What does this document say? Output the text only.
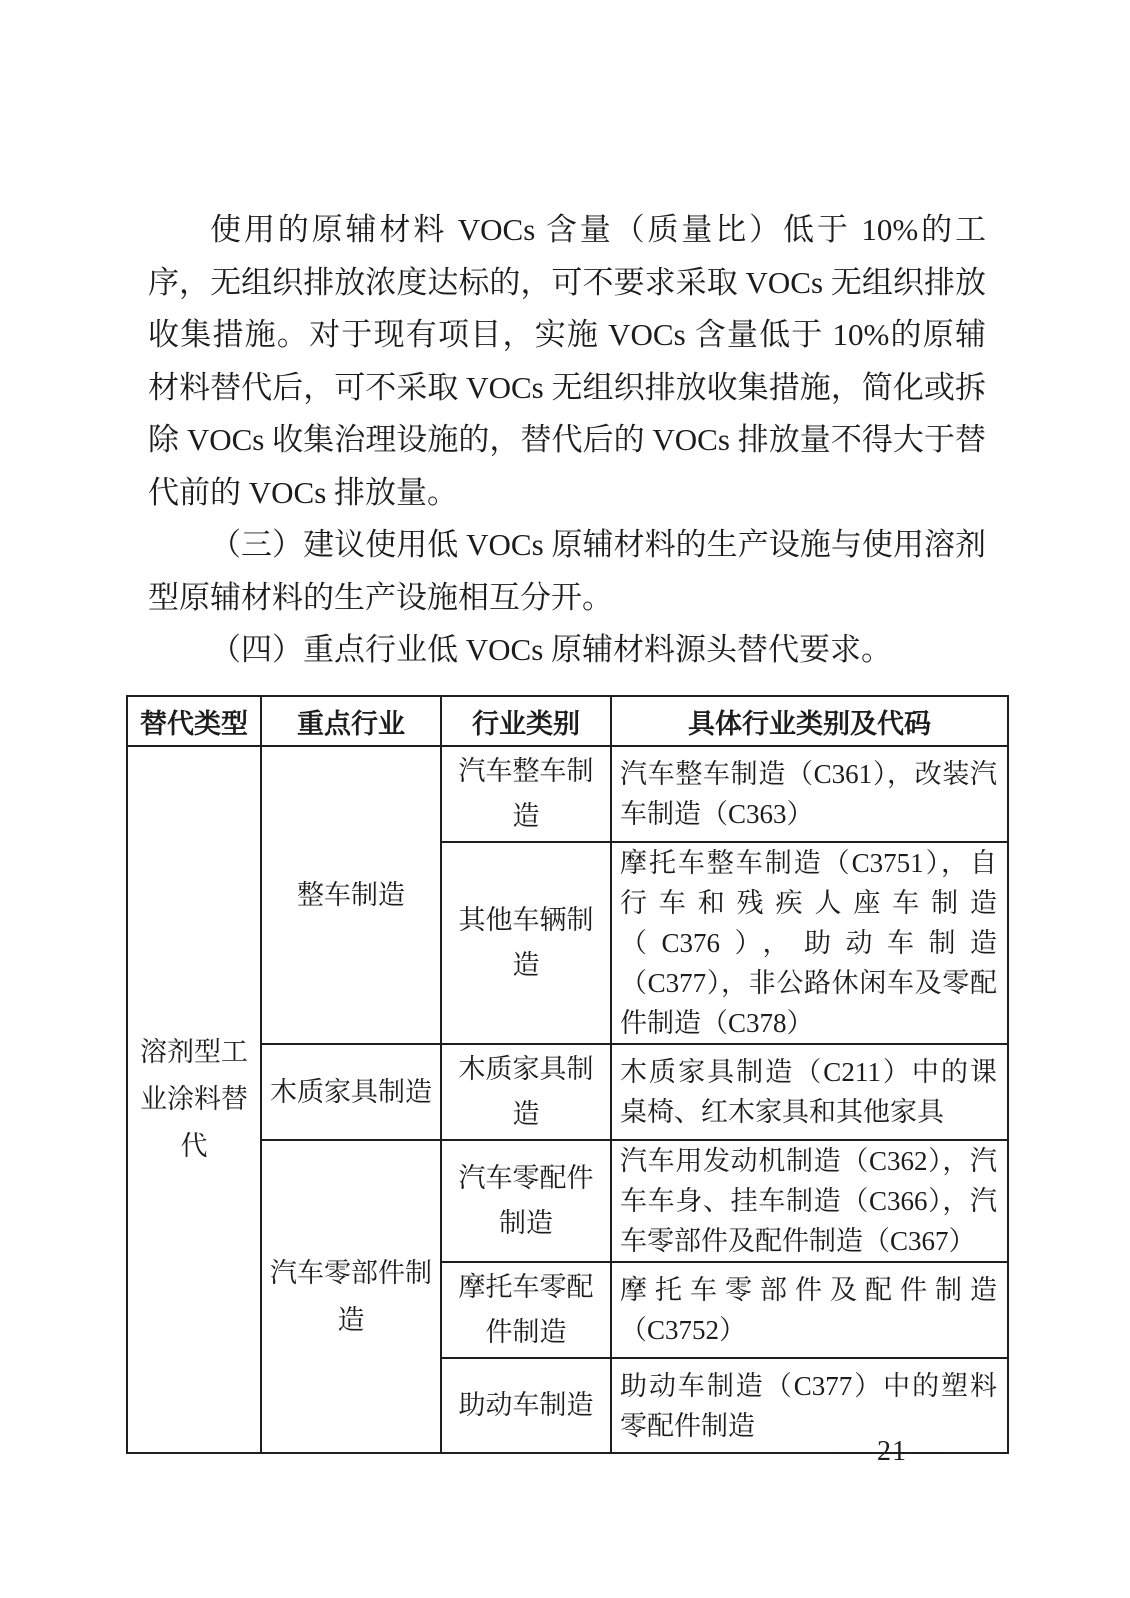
使用的原辅材料 VOCs 含量（质量比）低于 10%的工序，无组织排放浓度达标的，可不要求采取 VOCs 无组织排放收集措施。对于现有项目，实施 VOCs 含量低于 10%的原辅材料替代后，可不采取 VOCs 无组织排放收集措施，简化或拆除 VOCs 收集治理设施的，替代后的 VOCs 排放量不得大于替代前的 VOCs 排放量。

（三）建议使用低 VOCs 原辅材料的生产设施与使用溶剂型原辅材料的生产设施相互分开。

（四）重点行业低 VOCs 原辅材料源头替代要求。

替代类型	重点行业	行业类别	具体行业类别及代码
溶剂型工业涂料替代	整车制造	汽车整车制造	汽车整车制造（C361），改装汽车制造（C363）
		其他车辆制造	摩托车整车制造（C3751），自行车和残疾人座车制造（C376），助动车制造（C377），非公路休闲车及零配件制造（C378）
	木质家具制造	木质家具制造	木质家具制造（C211）中的课桌椅、红木家具和其他家具
	汽车零部件制造	汽车零配件制造	汽车用发动机制造（C362），汽车车身、挂车制造（C366），汽车零部件及配件制造（C367）
		摩托车零配件制造	摩托车零部件及配件制造（C3752）
		助动车制造	助动车制造（C377）中的塑料零配件制造
— 21 —
